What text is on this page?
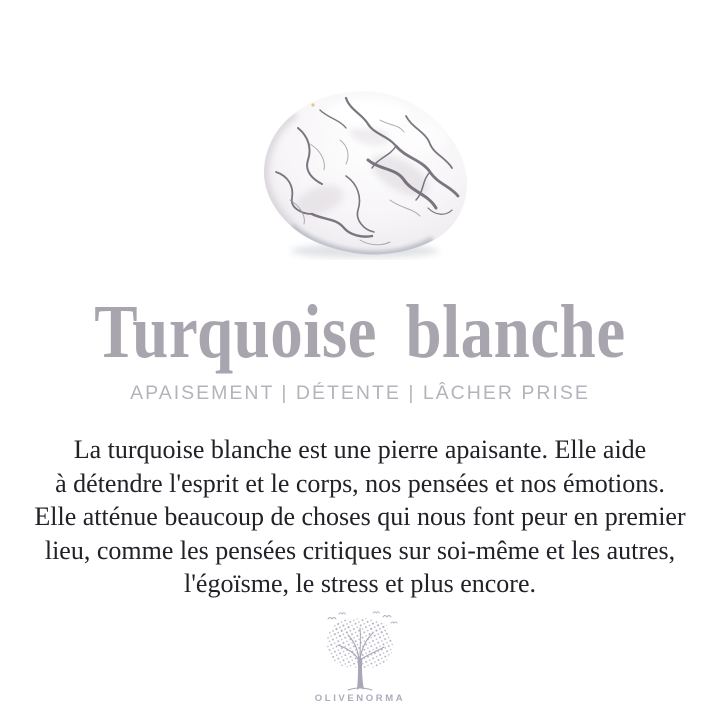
Turquoise blanche
APAISEMENT | DÉTENTE | LÂCHER PRISE
La turquoise blanche est une pierre apaisante. Elle aide
à détendre l'esprit et le corps, nos pensées et nos émotions.
Elle atténue beaucoup de choses qui nous font peur en premier
lieu, comme les pensées critiques sur soi-même et les autres,
l'égoïsme, le stress et plus encore.
OLIVENORMA
